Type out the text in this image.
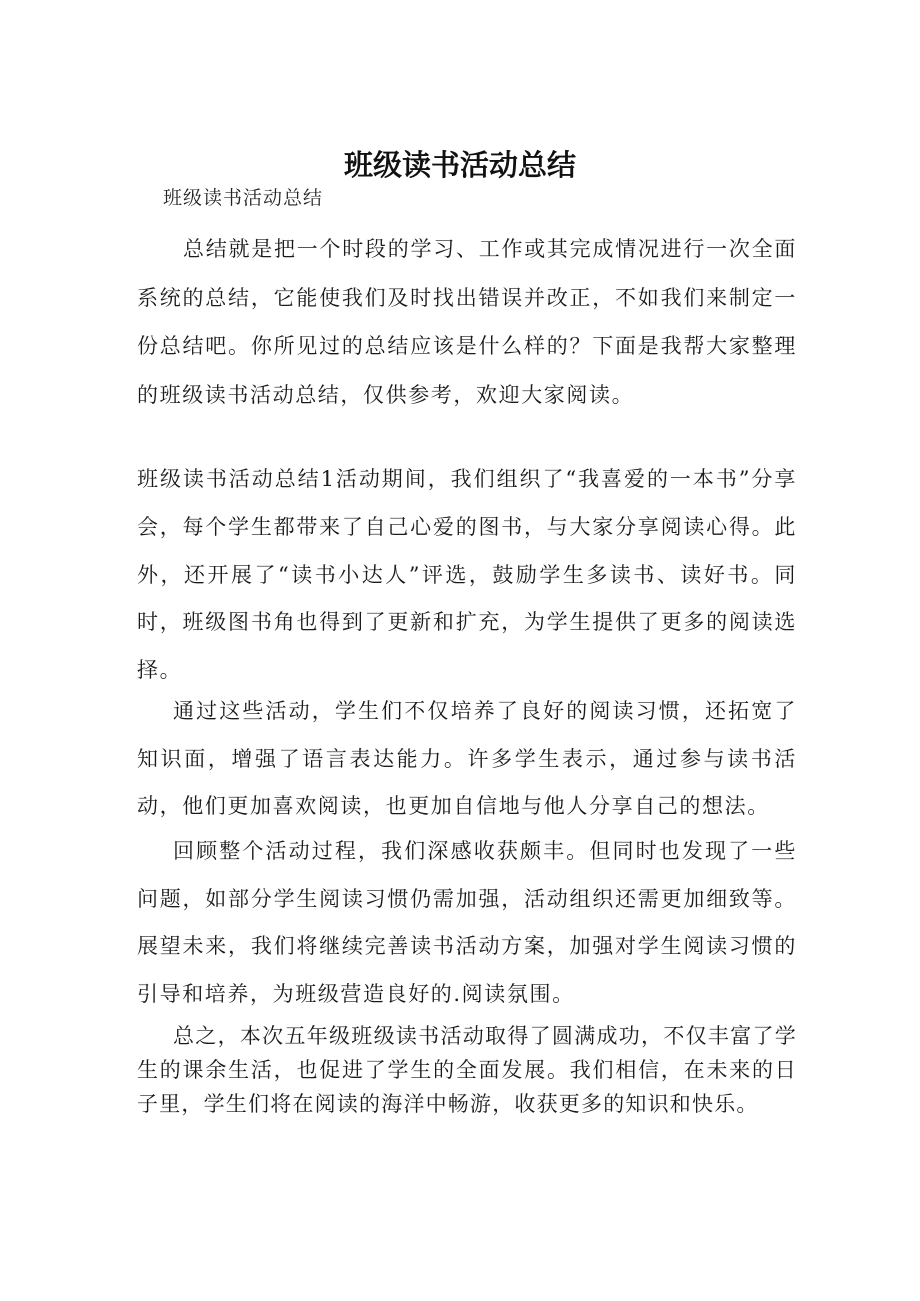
班级读书活动总结
班级读书活动总结

总结就是把一个时段的学习、工作或其完成情况进行一次全面系统的总结，它能使我们及时找出错误并改正，不如我们来制定一份总结吧。你所见过的总结应该是什么样的？下面是我帮大家整理的班级读书活动总结，仅供参考，欢迎大家阅读。

班级读书活动总结1活动期间，我们组织了“我喜爱的一本书”分享会，每个学生都带来了自己心爱的图书，与大家分享阅读心得。此外，还开展了“读书小达人”评选，鼓励学生多读书、读好书。同时，班级图书角也得到了更新和扩充，为学生提供了更多的阅读选择。

通过这些活动，学生们不仅培养了良好的阅读习惯，还拓宽了知识面，增强了语言表达能力。许多学生表示，通过参与读书活动，他们更加喜欢阅读，也更加自信地与他人分享自己的想法。

回顾整个活动过程，我们深感收获颇丰。但同时也发现了一些问题，如部分学生阅读习惯仍需加强，活动组织还需更加细致等。展望未来，我们将继续完善读书活动方案，加强对学生阅读习惯的引导和培养，为班级营造良好的.阅读氛围。

总之，本次五年级班级读书活动取得了圆满成功，不仅丰富了学生的课余生活，也促进了学生的全面发展。我们相信，在未来的日子里，学生们将在阅读的海洋中畅游，收获更多的知识和快乐。
